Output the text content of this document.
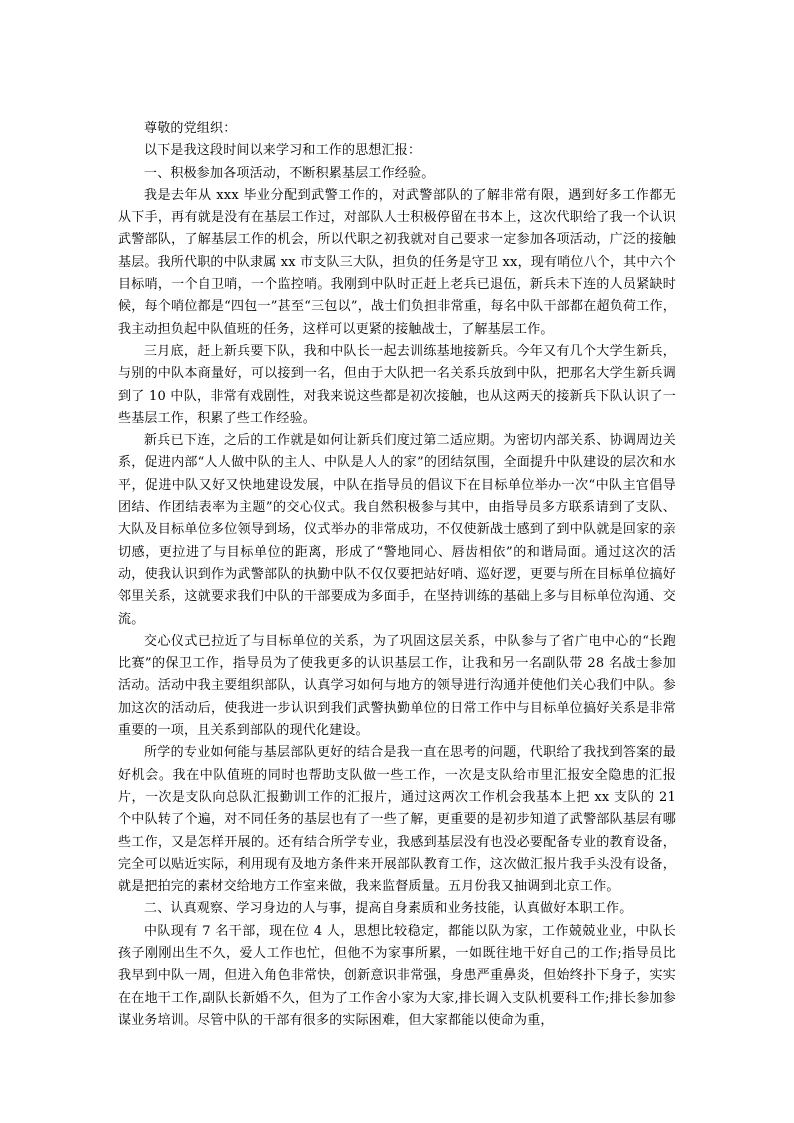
尊敬的党组织：

以下是我这段时间以来学习和工作的思想汇报：

一、积极参加各项活动，不断积累基层工作经验。

我是去年从 xxx 毕业分配到武警工作的，对武警部队的了解非常有限，遇到好多工作都无从下手，再有就是没有在基层工作过，对部队人士积极停留在书本上，这次代职给了我一个认识武警部队，了解基层工作的机会，所以代职之初我就对自己要求一定参加各项活动，广泛的接触基层。我所代职的中队隶属 xx 市支队三大队，担负的任务是守卫 xx，现有哨位八个，其中六个目标哨，一个自卫哨，一个监控哨。我刚到中队时正赶上老兵已退伍，新兵未下连的人员紧缺时候，每个哨位都是“四包一”甚至“三包以”，战士们负担非常重，每名中队干部都在超负荷工作，我主动担负起中队值班的任务，这样可以更紧的接触战士，了解基层工作。

三月底，赶上新兵要下队，我和中队长一起去训练基地接新兵。今年又有几个大学生新兵，与别的中队本商量好，可以接到一名，但由于大队把一名关系兵放到中队，把那名大学生新兵调到了 10 中队，非常有戏剧性，对我来说这些都是初次接触，也从这两天的接新兵下队认识了一些基层工作，积累了些工作经验。

新兵已下连，之后的工作就是如何让新兵们度过第二适应期。为密切内部关系、协调周边关系，促进内部“人人做中队的主人、中队是人人的家”的团结氛围，全面提升中队建设的层次和水平，促进中队又好又快地建设发展，中队在指导员的倡议下在目标单位举办一次“中队主官倡导团结、作团结表率为主题”的交心仪式。我自然积极参与其中，由指导员多方联系请到了支队、大队及目标单位多位领导到场，仪式举办的非常成功，不仅使新战士感到了到中队就是回家的亲切感，更拉进了与目标单位的距离，形成了“警地同心、唇齿相依”的和谐局面。通过这次的活动，使我认识到作为武警部队的执勤中队不仅仅要把站好哨、巡好逻，更要与所在目标单位搞好邻里关系，这就要求我们中队的干部要成为多面手，在坚持训练的基础上多与目标单位沟通、交流。

交心仪式已拉近了与目标单位的关系，为了巩固这层关系，中队参与了省广电中心的“长跑比赛”的保卫工作，指导员为了使我更多的认识基层工作，让我和另一名副队带 28 名战士参加活动。活动中我主要组织部队，认真学习如何与地方的领导进行沟通并使他们关心我们中队。参加这次的活动后，使我进一步认识到我们武警执勤单位的日常工作中与目标单位搞好关系是非常重要的一项，且关系到部队的现代化建设。

所学的专业如何能与基层部队更好的结合是我一直在思考的问题，代职给了我找到答案的最好机会。我在中队值班的同时也帮助支队做一些工作，一次是支队给市里汇报安全隐患的汇报片，一次是支队向总队汇报勤训工作的汇报片，通过这两次工作机会我基本上把 xx 支队的 21 个中队转了个遍，对不同任务的基层也有了一些了解，更重要的是初步知道了武警部队基层有哪些工作，又是怎样开展的。还有结合所学专业，我感到基层没有也没必要配备专业的教育设备，完全可以贴近实际，利用现有及地方条件来开展部队教育工作，这次做汇报片我手头没有设备，就是把拍完的素材交给地方工作室来做，我来监督质量。五月份我又抽调到北京工作。

二、认真观察、学习身边的人与事，提高自身素质和业务技能，认真做好本职工作。

中队现有 7 名干部，现在位 4 人，思想比较稳定，都能以队为家，工作兢兢业业，中队长孩子刚刚出生不久，爱人工作也忙，但他不为家事所累，一如既往地干好自己的工作;指导员比我早到中队一周，但进入角色非常快，创新意识非常强，身患严重鼻炎，但始终扑下身子，实实在在地干工作,副队长新婚不久，但为了工作舍小家为大家,排长调入支队机要科工作;排长参加参谋业务培训。尽管中队的干部有很多的实际困难，但大家都能以使命为重，
